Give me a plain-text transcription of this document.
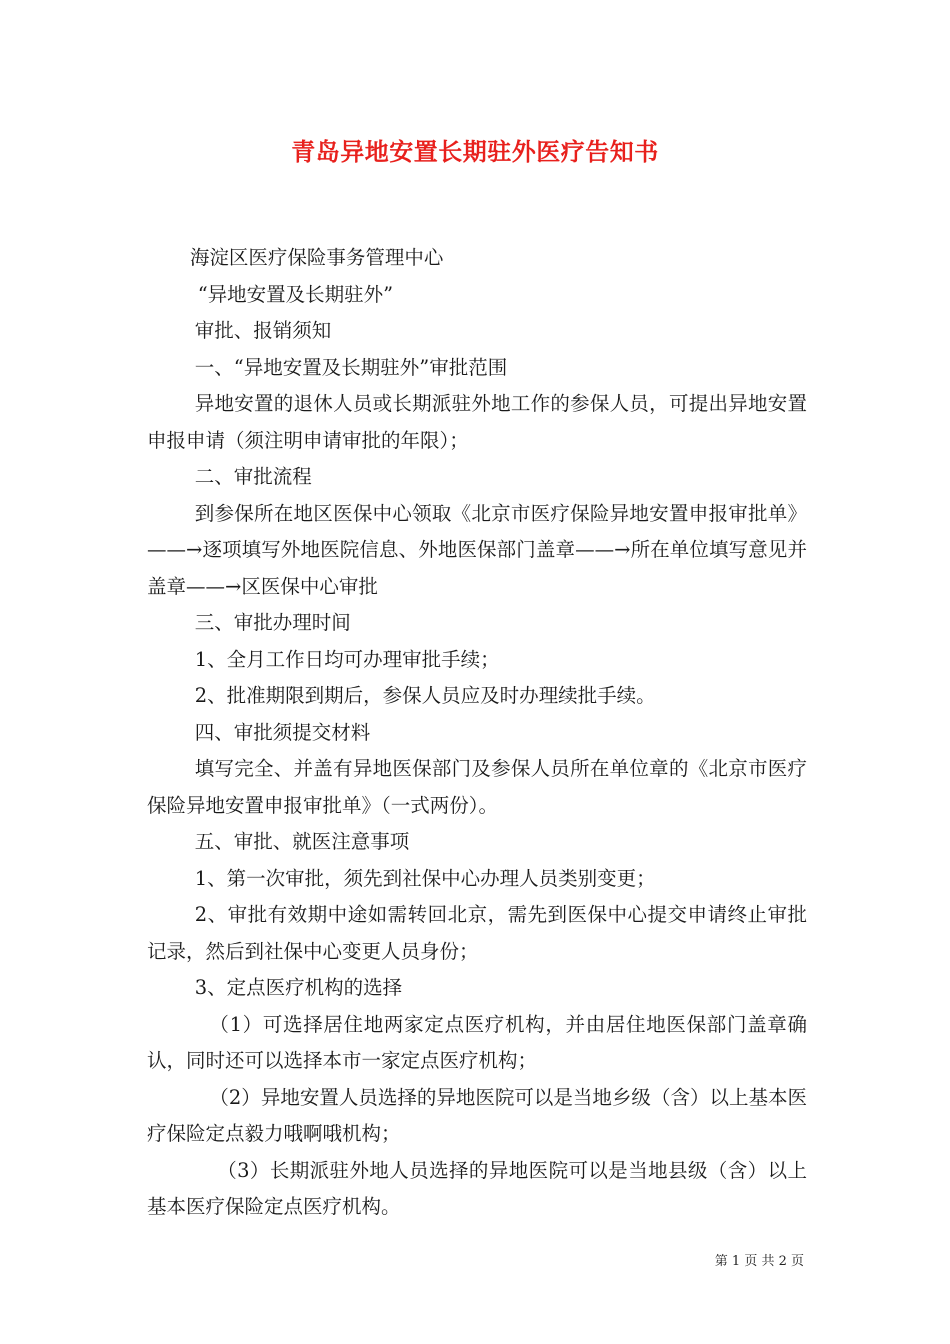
青岛异地安置长期驻外医疗告知书

海淀区医疗保险事务管理中心

“异地安置及长期驻外”

审批、报销须知

一、“异地安置及长期驻外”审批范围

异地安置的退休人员或长期派驻外地工作的参保人员，可提出异地安置申报申请（须注明申请审批的年限）；

二、审批流程

到参保所在地区医保中心领取《北京市医疗保险异地安置申报审批单》——→逐项填写外地医院信息、外地医保部门盖章——→所在单位填写意见并盖章——→区医保中心审批

三、审批办理时间

1、全月工作日均可办理审批手续；

2、批准期限到期后，参保人员应及时办理续批手续。

四、审批须提交材料

填写完全、并盖有异地医保部门及参保人员所在单位章的《北京市医疗保险异地安置申报审批单》（一式两份）。

五、审批、就医注意事项

1、第一次审批，须先到社保中心办理人员类别变更；

2、审批有效期中途如需转回北京，需先到医保中心提交申请终止审批记录，然后到社保中心变更人员身份；

3、定点医疗机构的选择

（1）可选择居住地两家定点医疗机构，并由居住地医保部门盖章确认，同时还可以选择本市一家定点医疗机构；

（2）异地安置人员选择的异地医院可以是当地乡级（含）以上基本医疗保险定点毅力哦啊哦机构；

（3）长期派驻外地人员选择的异地医院可以是当地县级（含）以上基本医疗保险定点医疗机构。

第 1 页 共 2 页
